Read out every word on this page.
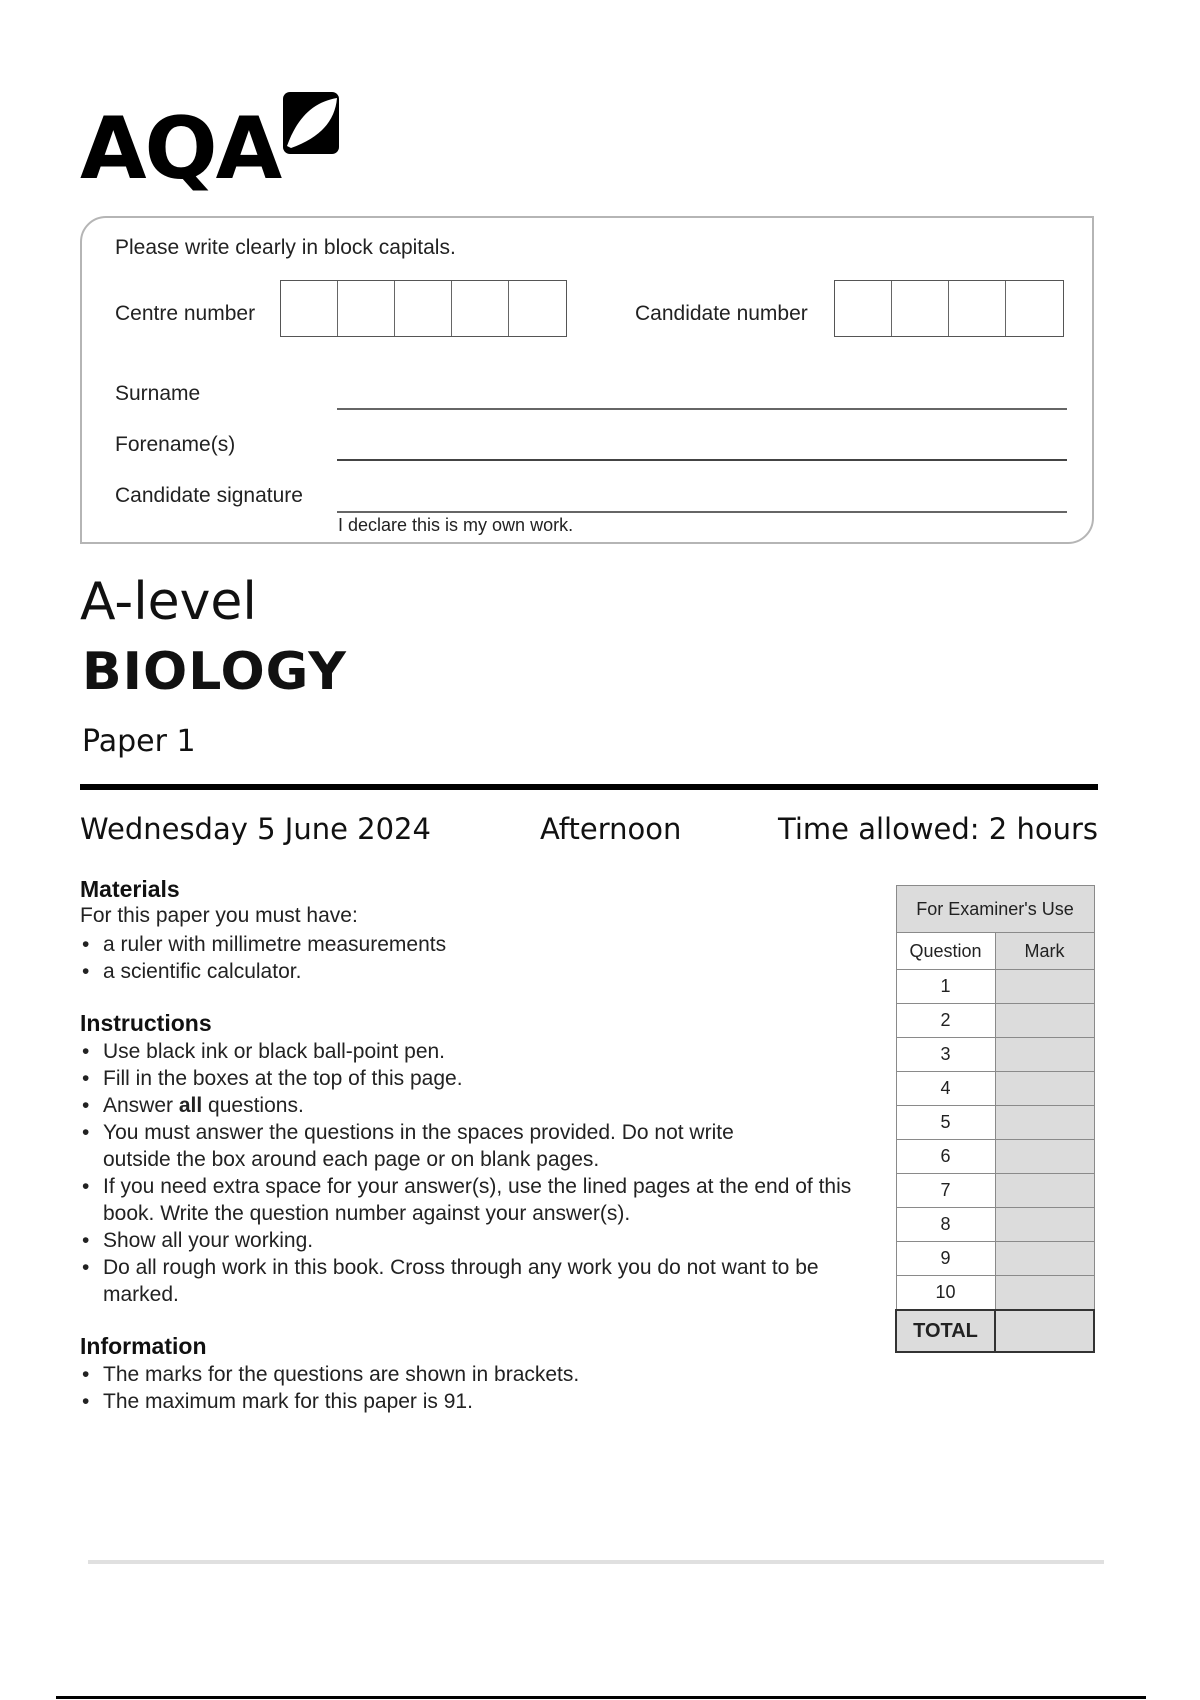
AQA
Please write clearly in block capitals.
Centre number	Candidate number
Surname
Forename(s)
Candidate signature
I declare this is my own work.
A-level
BIOLOGY
Paper 1
Wednesday 5 June 2024	Afternoon	Time allowed: 2 hours
Materials
For this paper you must have:
• a ruler with millimetre measurements
• a scientific calculator.
Instructions
• Use black ink or black ball-point pen.
• Fill in the boxes at the top of this page.
• Answer all questions.
• You must answer the questions in the spaces provided. Do not write outside the box around each page or on blank pages.
• If you need extra space for your answer(s), use the lined pages at the end of this book. Write the question number against your answer(s).
• Show all your working.
• Do all rough work in this book. Cross through any work you do not want to be marked.
Information
• The marks for the questions are shown in brackets.
• The maximum mark for this paper is 91.
For Examiner's Use	
Question	Mark
1	
2	
3	
4	
5	
6	
7	
8	
9	
10	
TOTAL	
